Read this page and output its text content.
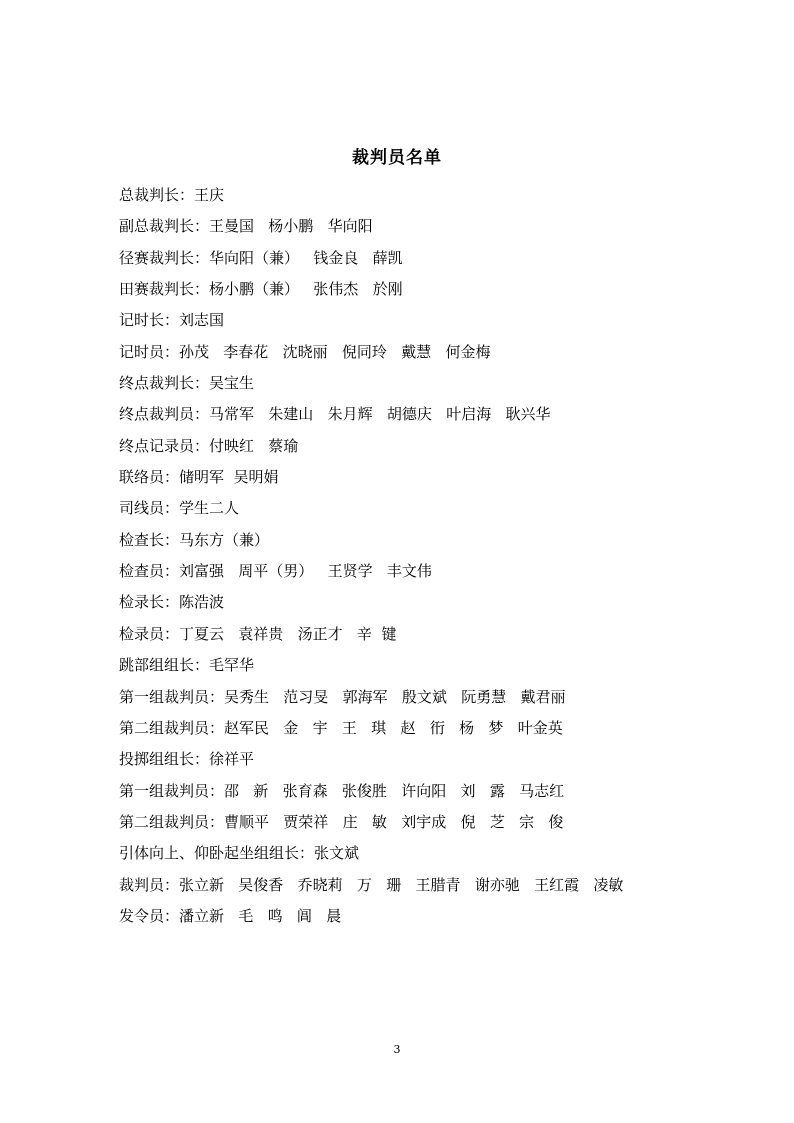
裁判员名单
总裁判长：王庆
副总裁判长：王曼国   杨小鹏   华向阳
径赛裁判长：华向阳（兼）   钱金良   薛凯
田赛裁判长：杨小鹏（兼）   张伟杰   於刚
记时长：刘志国
记时员：孙茂   李春花   沈晓丽   倪同玲   戴慧   何金梅
终点裁判长：吴宝生
终点裁判员：马常军   朱建山   朱月辉   胡德庆   叶启海   耿兴华
终点记录员：付映红   蔡瑜
联络员：储明军  吴明娟
司线员：学生二人
检查长：马东方（兼）
检查员：刘富强   周平（男）   王贤学   丰文伟
检录长：陈浩波
检录员：丁夏云   袁祥贵   汤正才   辛  键
跳部组组长：毛罕华
第一组裁判员：吴秀生   范习旻   郭海军   殷文斌   阮勇慧   戴君丽
第二组裁判员：赵军民   金   宇   王   琪   赵   衎   杨   梦   叶金英
投掷组组长：徐祥平
第一组裁判员：邵   新   张育森   张俊胜   许向阳   刘   露   马志红
第二组裁判员：曹顺平   贾荣祥   庄   敏   刘宇成   倪   芝   宗   俊
引体向上、仰卧起坐组组长：张文斌
裁判员：张立新   吴俊香   乔晓莉   万   珊   王腊青   谢亦驰   王红霞   凌敏
发令员：潘立新   毛   鸣   阊   晨
3
